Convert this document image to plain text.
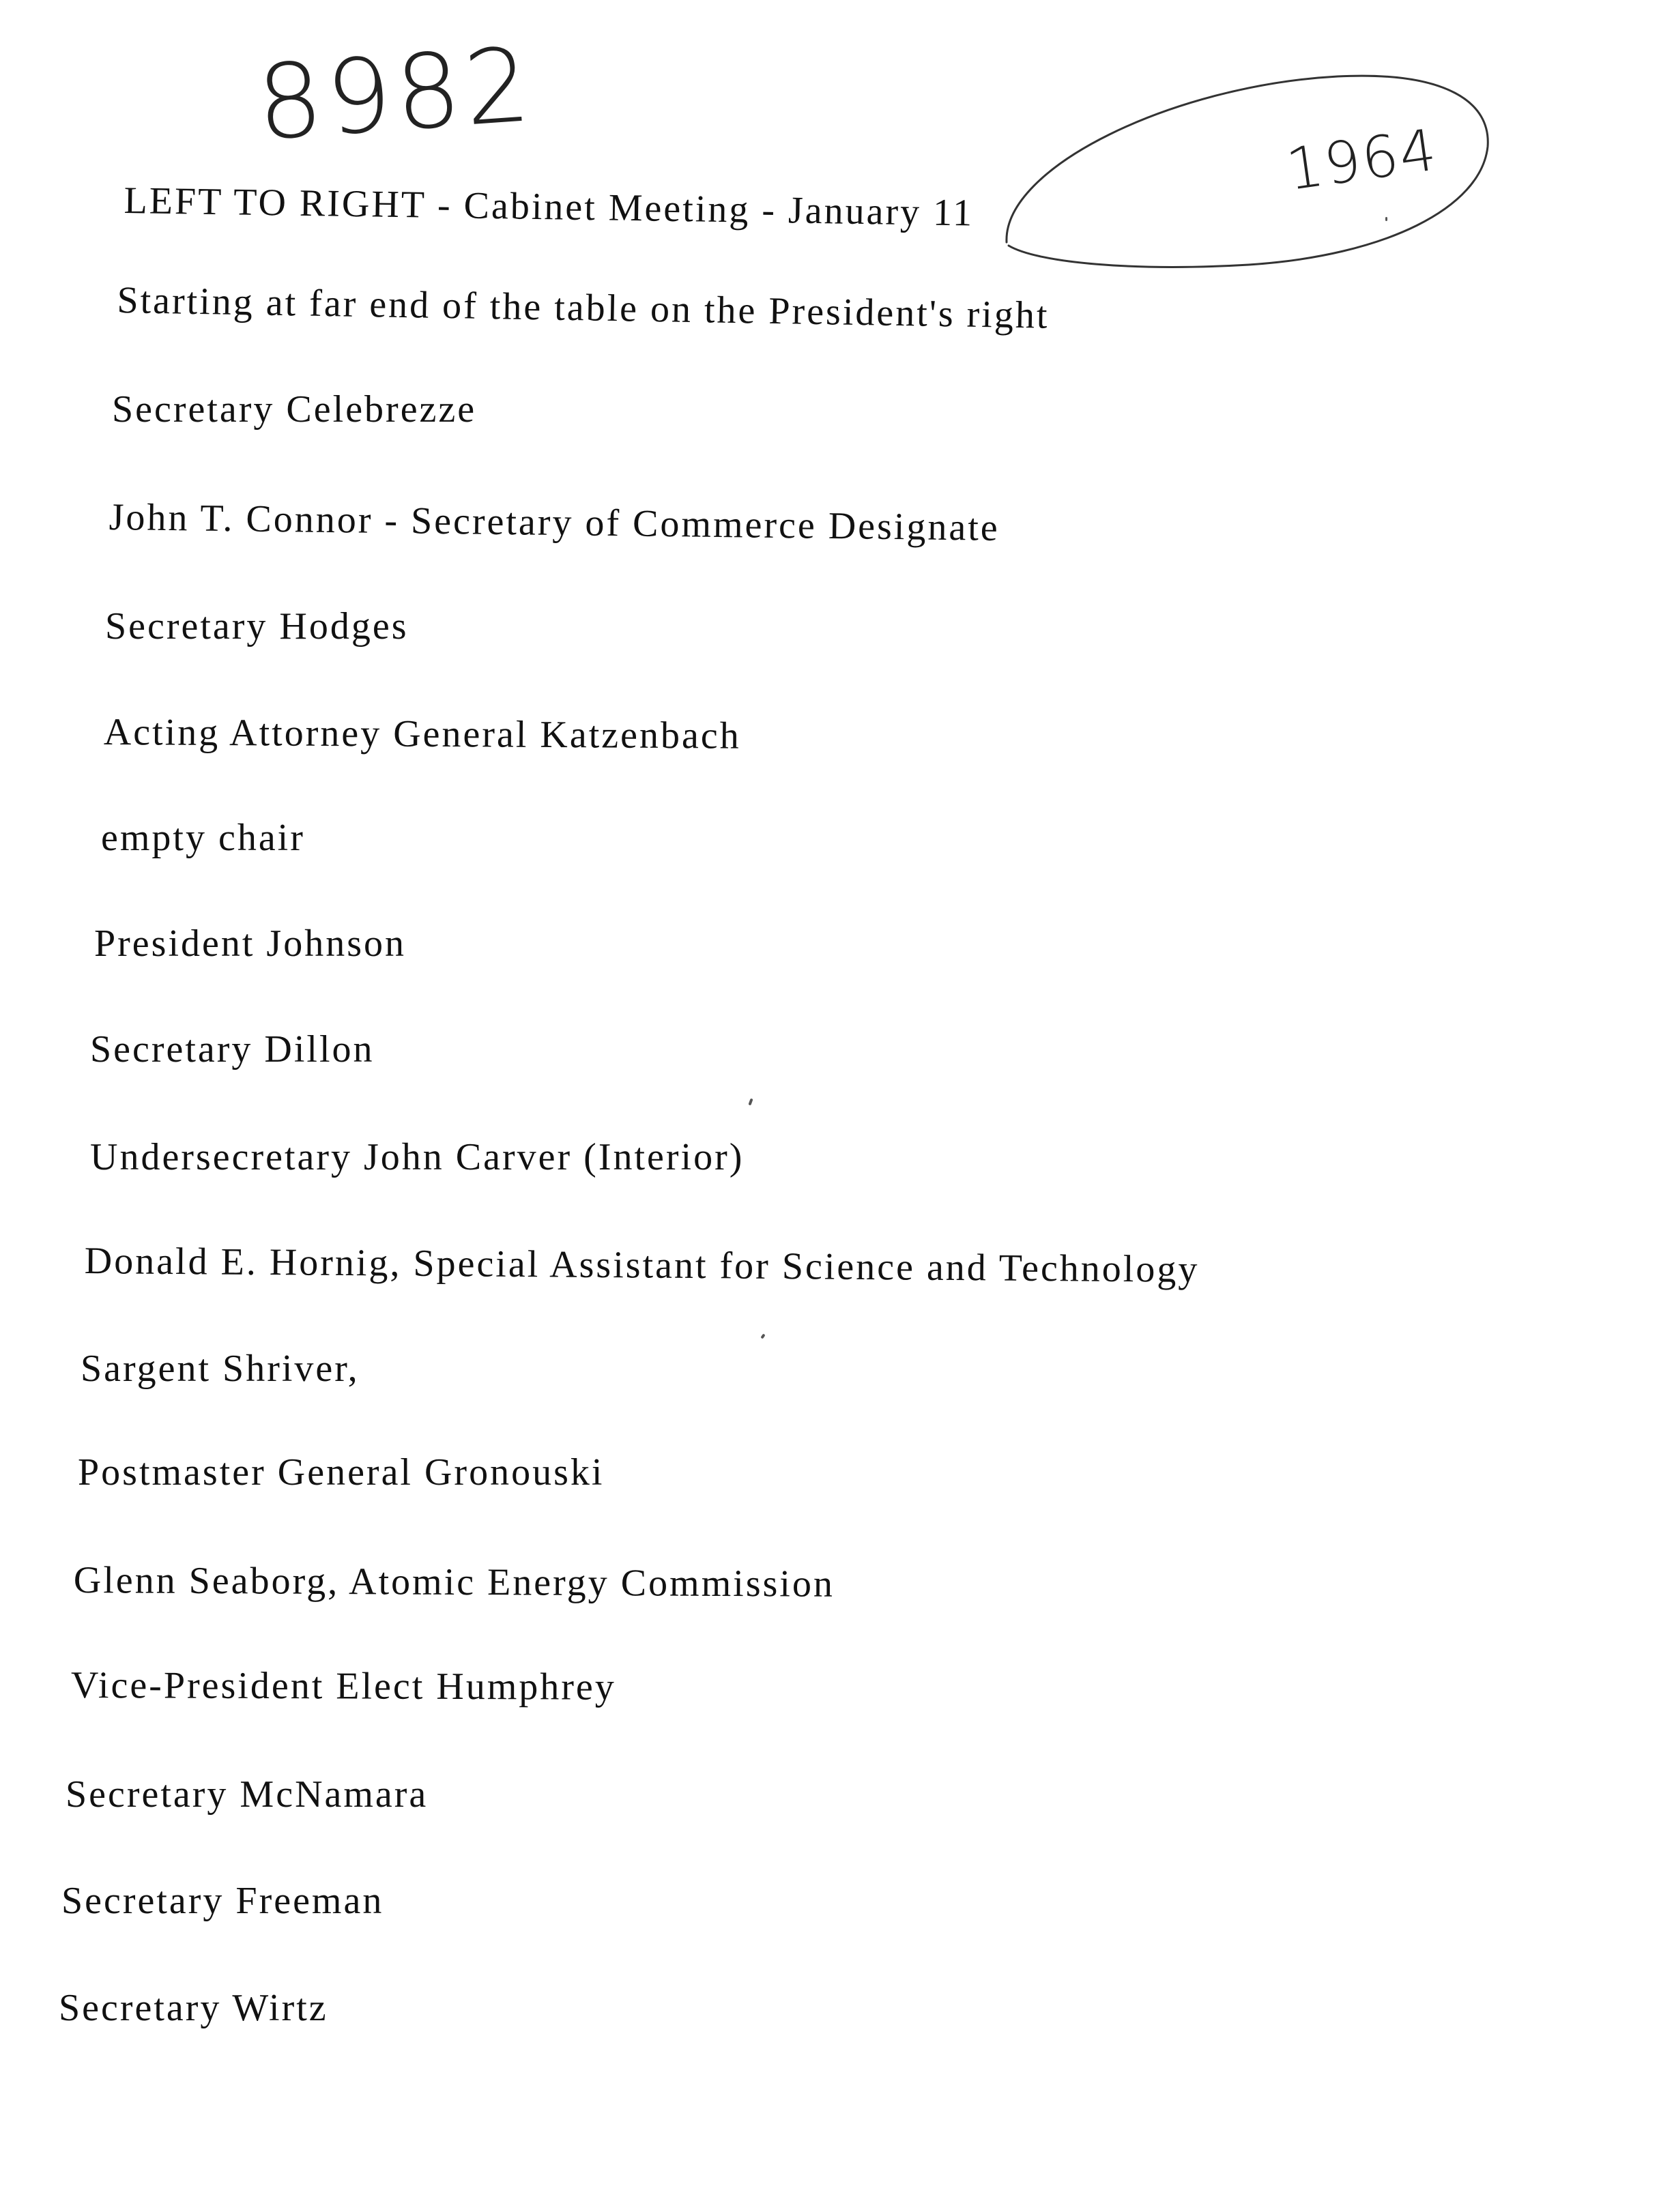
8982	1964

LEFT TO RIGHT - Cabinet Meeting - January 11

Starting at far end of the table on the President's right

Secretary Celebrezze

John T. Connor - Secretary of Commerce Designate

Secretary Hodges

Acting Attorney General Katzenbach

empty chair

President Johnson

Secretary Dillon

Undersecretary John Carver (Interior)

Donald E. Hornig, Special Assistant for Science and Technology

Sargent Shriver,

Postmaster General Gronouski

Glenn Seaborg, Atomic Energy Commission

Vice-President Elect Humphrey

Secretary McNamara

Secretary Freeman

Secretary Wirtz
